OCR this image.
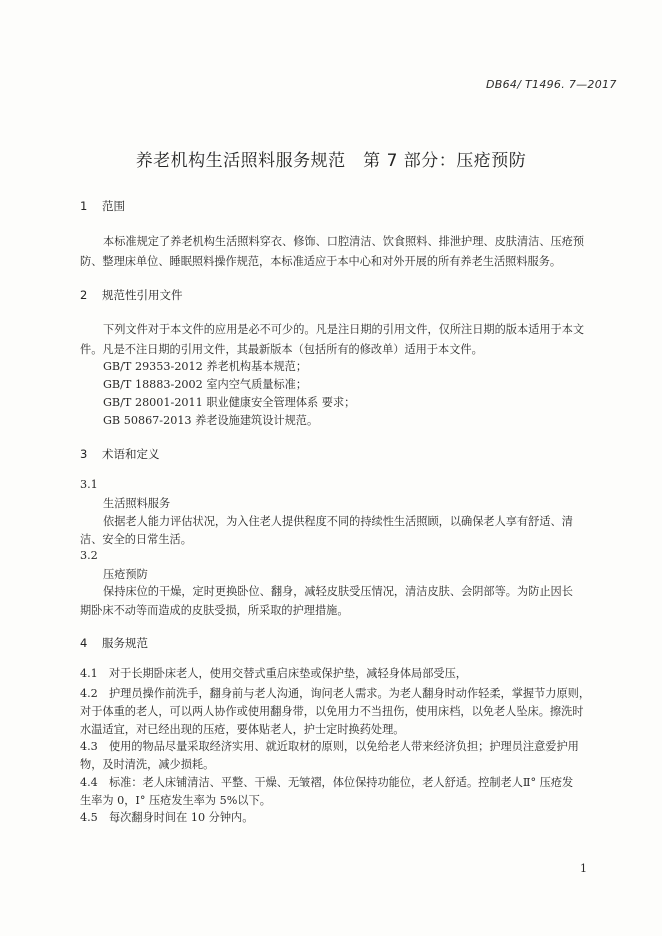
DB64/ T1496. 7—2017
养老机构生活照料服务规范　第 7 部分：压疮预防
1 范围
本标准规定了养老机构生活照料穿衣、修饰、口腔清洁、饮食照料、排泄护理、皮肤清洁、压疮预
防、整理床单位、睡眠照料操作规范，本标准适应于本中心和对外开展的所有养老生活照料服务。
2 规范性引用文件
下列文件对于本文件的应用是必不可少的。凡是注日期的引用文件，仅所注日期的版本适用于本文
件。凡是不注日期的引用文件，其最新版本（包括所有的修改单）适用于本文件。
GB/T 29353-2012 养老机构基本规范；
GB/T 18883-2002 室内空气质量标准；
GB/T 28001-2011 职业健康安全管理体系 要求；
GB 50867-2013 养老设施建筑设计规范。
3 术语和定义
3.1
生活照料服务
依据老人能力评估状况，为入住老人提供程度不同的持续性生活照顾，以确保老人享有舒适、清
洁、安全的日常生活。
3.2
压疮预防
保持床位的干燥，定时更换卧位、翻身，减轻皮肤受压情况，清洁皮肤、会阴部等。为防止因长
期卧床不动等而造成的皮肤受损，所采取的护理措施。
4 服务规范
4.1　对于长期卧床老人，使用交替式重启床垫或保护垫，减轻身体局部受压，
4.2　护理员操作前洗手，翻身前与老人沟通，询问老人需求。为老人翻身时动作轻柔，掌握节力原则，
对于体重的老人，可以两人协作或使用翻身带，以免用力不当扭伤，使用床档，以免老人坠床。擦洗时
水温适宜，对已经出现的压疮，要体贴老人，护士定时换药处理。
4.3　使用的物品尽量采取经济实用、就近取材的原则，以免给老人带来经济负担；护理员注意爱护用
物，及时清洗，减少损耗。
4.4　标准：老人床铺清洁、平整、干燥、无皱褶，体位保持功能位，老人舒适。控制老人Ⅱ° 压疮发
生率为 0，Ⅰ° 压疮发生率为 5%以下。
4.5　每次翻身时间在 10 分钟内。
1
